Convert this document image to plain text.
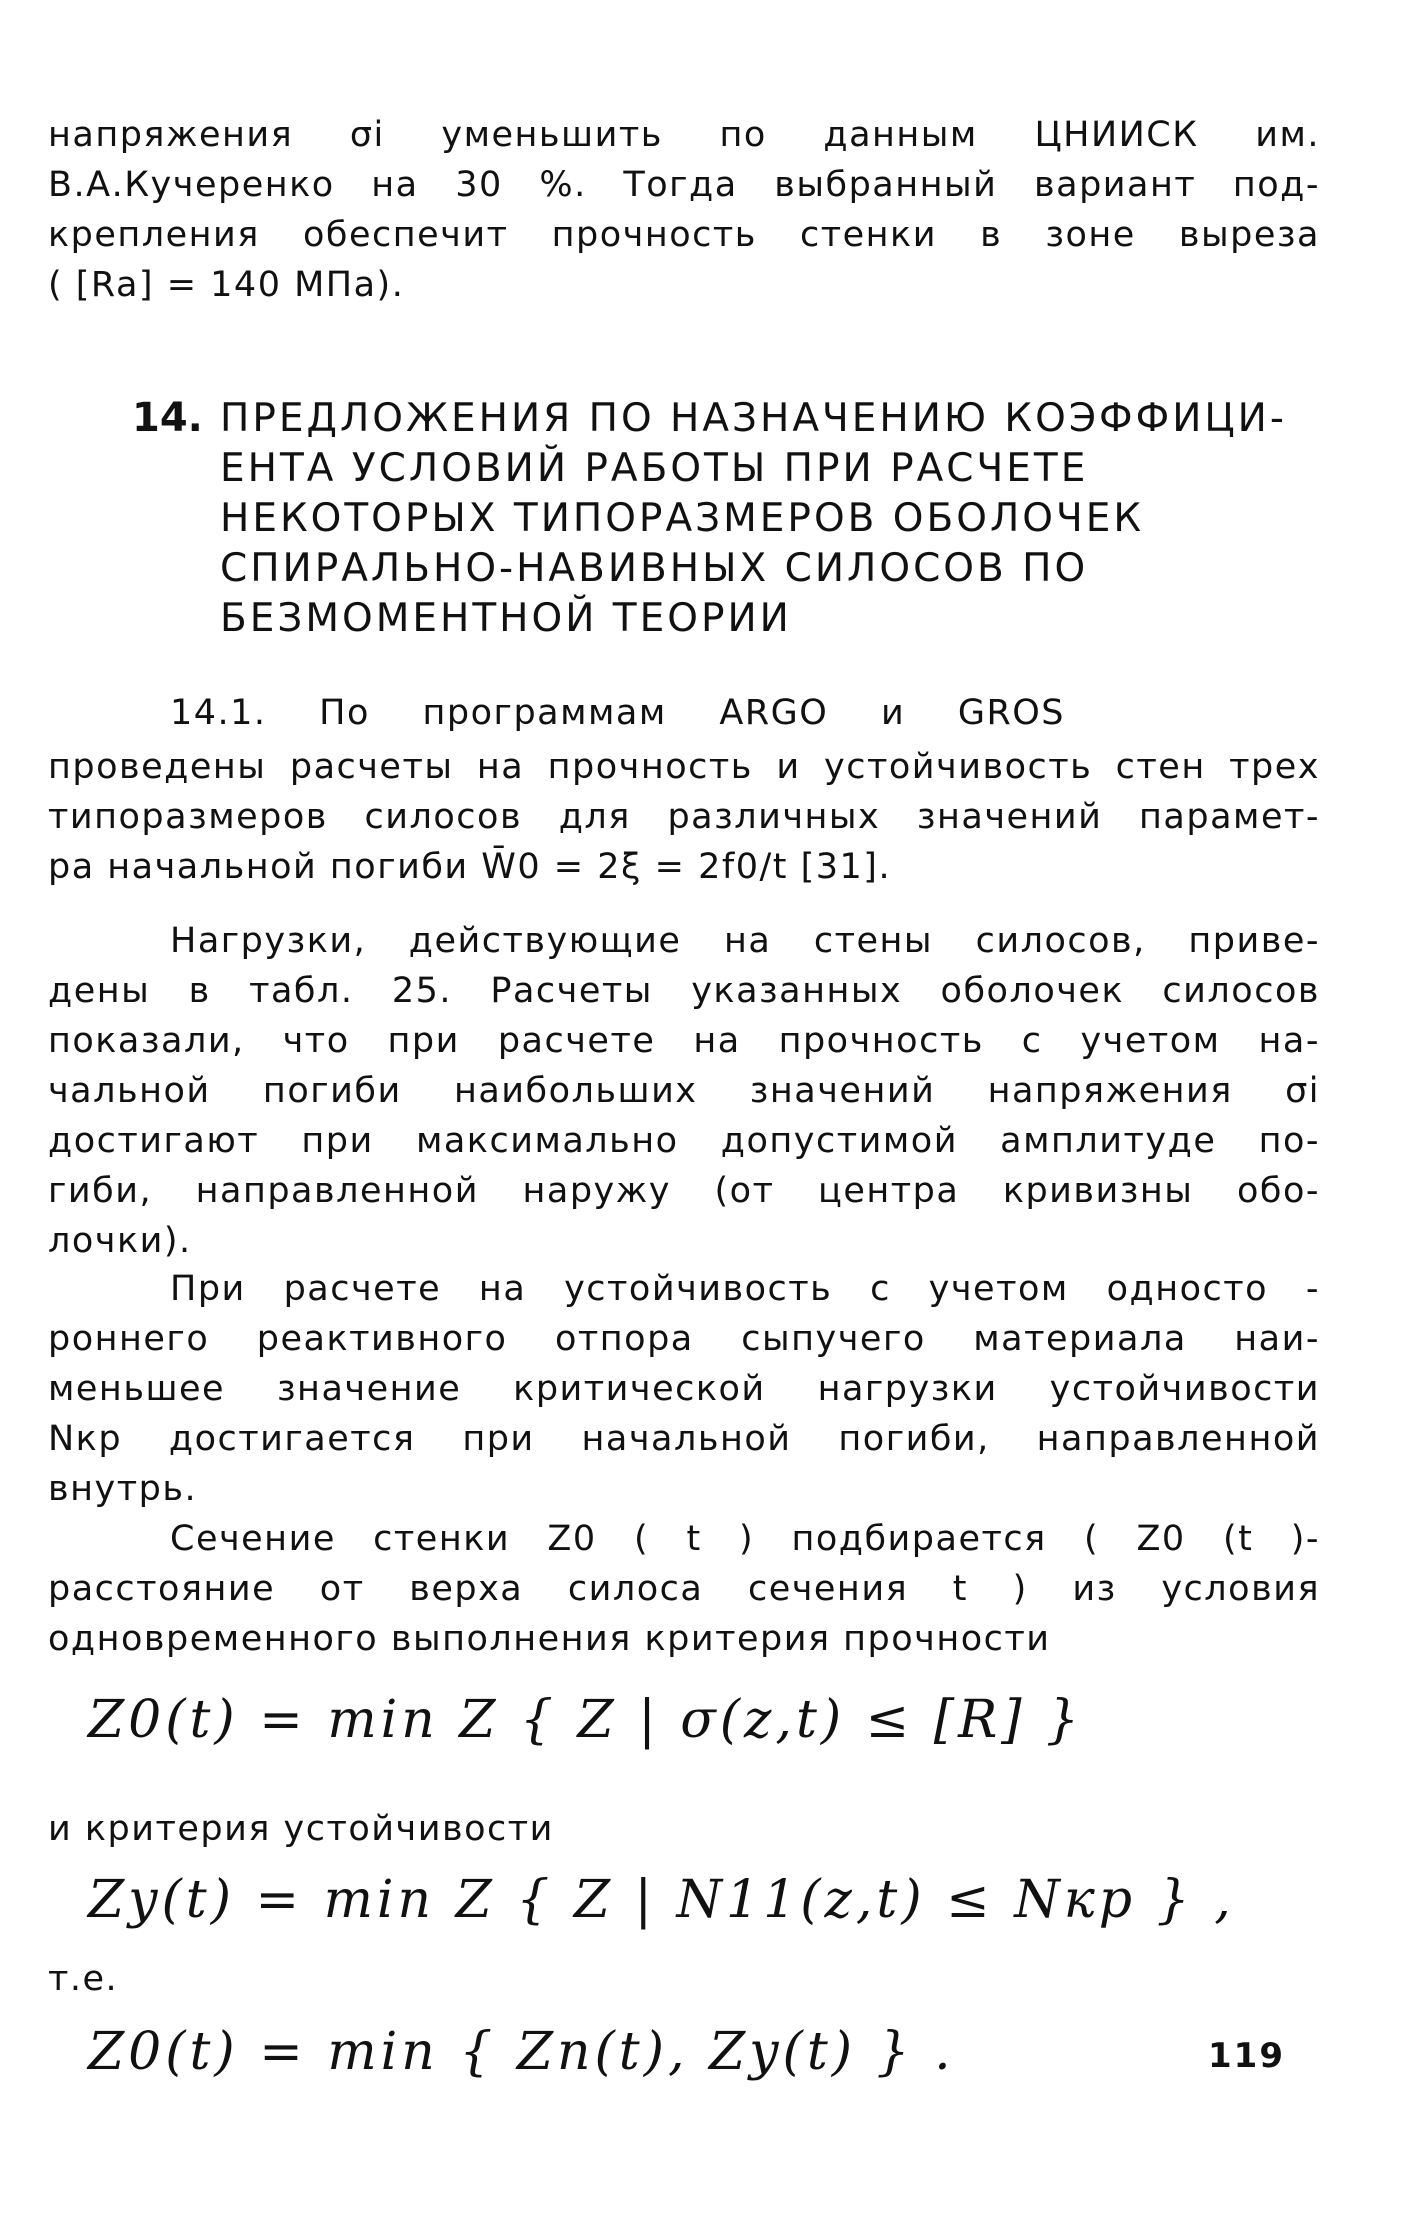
напряжения σi уменьшить по данным ЦНИИСК им.
В.А.Кучеренко на 30 %. Тогда выбранный вариант под-
крепления обеспечит прочность стенки в зоне выреза
( [Ra] = 140 МПа).
14. ПРЕДЛОЖЕНИЯ ПО НАЗНАЧЕНИЮ КОЭФФИЦИ-
ЕНТА УСЛОВИЙ РАБОТЫ ПРИ РАСЧЕТЕ
НЕКОТОРЫХ ТИПОРАЗМЕРОВ ОБОЛОЧЕК
СПИРАЛЬНО-НАВИВНЫХ СИЛОСОВ ПО
БЕЗМОМЕНТНОЙ ТЕОРИИ
14.1. По программам ARGO и GROS
проведены расчеты на прочность и устойчивость стен трех
типоразмеров силосов для различных значений парамет-
ра начальной погиби W̄0 = 2ξ = 2f0/t [31].
Нагрузки, действующие на стены силосов, приве-
дены в табл. 25. Расчеты указанных оболочек силосов
показали, что при расчете на прочность с учетом на-
чальной погиби наибольших значений напряжения σi
достигают при максимально допустимой амплитуде по-
гиби, направленной наружу (от центра кривизны обо-
лочки).
При расчете на устойчивость с учетом односто -
роннего реактивного отпора сыпучего материала наи-
меньшее значение критической нагрузки устойчивости
Nкр достигается при начальной погиби, направленной
внутрь.
Сечение стенки Z0 ( t ) подбирается ( Z0 (t )-
расстояние от верха силоса сечения t ) из условия
одновременного выполнения критерия прочности
Z0(t) = min Z { Z | σ(z,t) ≤ [R] }
и критерия устойчивости
Zy(t) = min Z { Z | N11(z,t) ≤ Nкр } ,
т.е.
Z0(t) = min { Zп(t), Zy(t) } .	119
